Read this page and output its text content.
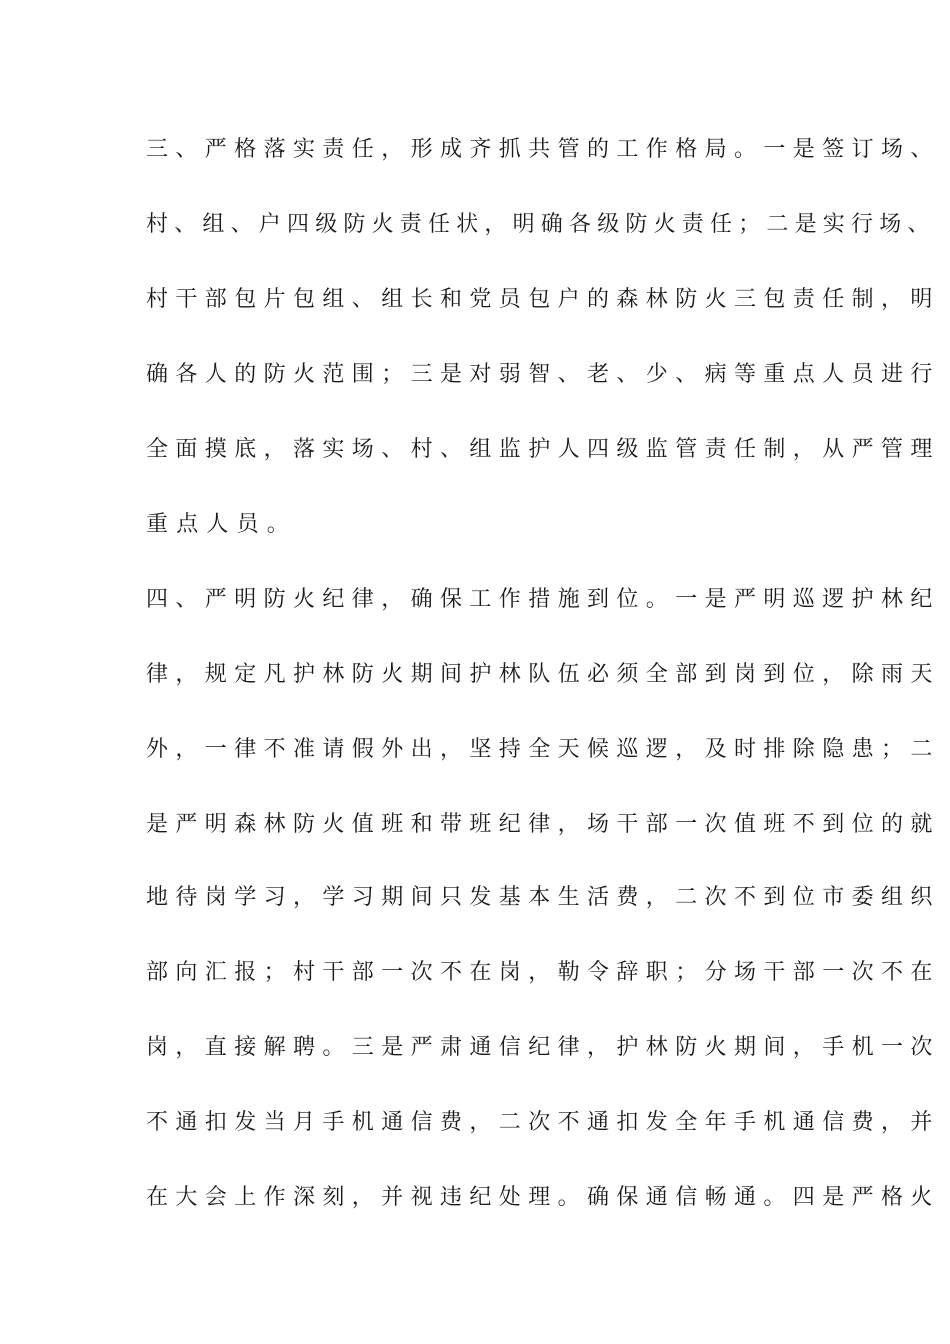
三、严格落实责任，形成齐抓共管的工作格局。一是签订场、
村、组、户四级防火责任状，明确各级防火责任；二是实行场、
村干部包片包组、组长和党员包户的森林防火三包责任制，明
确各人的防火范围；三是对弱智、老、少、病等重点人员进行
全面摸底，落实场、村、组监护人四级监管责任制，从严管理
重点人员。
四、严明防火纪律，确保工作措施到位。一是严明巡逻护林纪
律，规定凡护林防火期间护林队伍必须全部到岗到位，除雨天
外，一律不准请假外出，坚持全天候巡逻，及时排除隐患；二
是严明森林防火值班和带班纪律，场干部一次值班不到位的就
地待岗学习，学习期间只发基本生活费，二次不到位市委组织
部向汇报；村干部一次不在岗，勒令辞职；分场干部一次不在
岗，直接解聘。三是严肃通信纪律，护林防火期间，手机一次
不通扣发当月手机通信费，二次不通扣发全年手机通信费，并
在大会上作深刻，并视违纪处理。确保通信畅通。四是严格火
